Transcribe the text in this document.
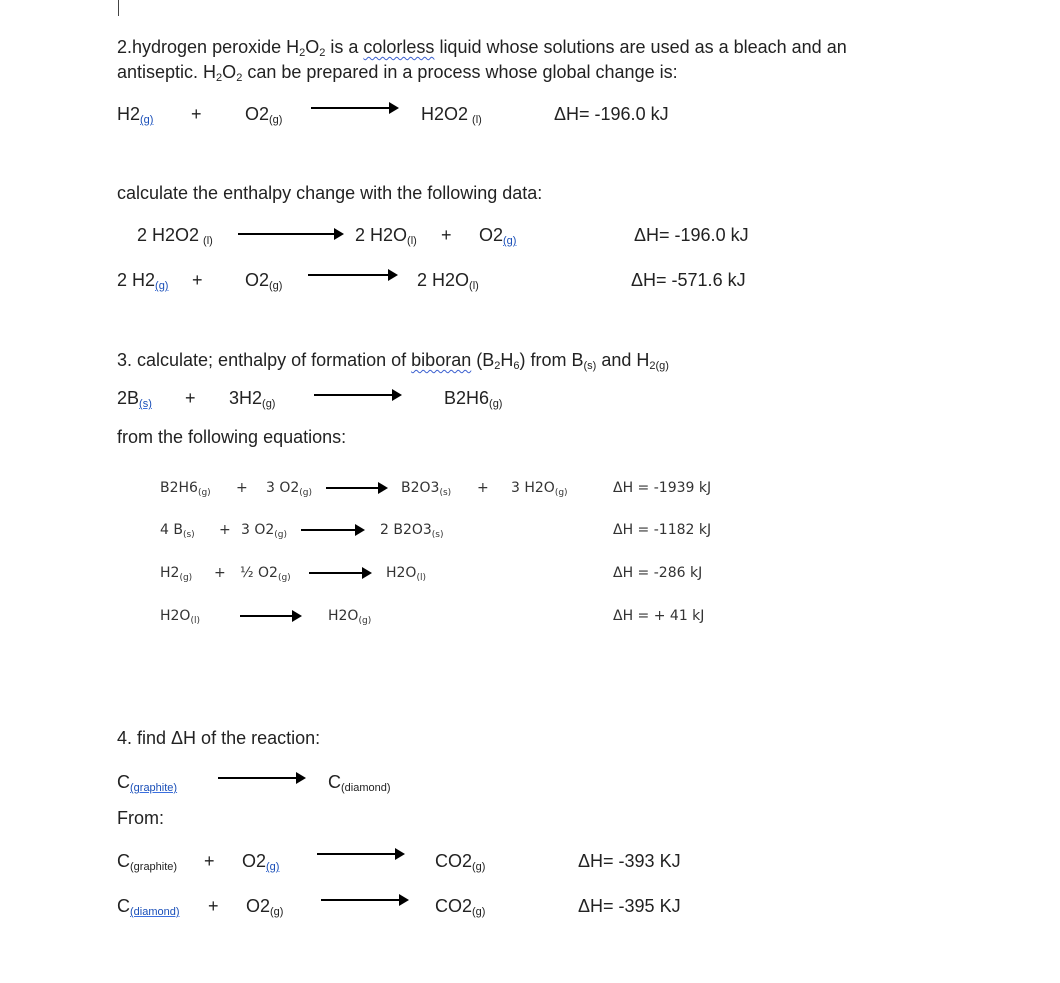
2.hydrogen peroxide H2O2 is a colorless liquid whose solutions are used as a bleach and an
antiseptic. H2O2 can be prepared in a process whose global change is:
H2(g) + O2(g)	H2O2 (l)	ΔH= -196.0 kJ
calculate the enthalpy change with the following data:
2 H2O2 (l)	2 H2O(l) + O2(g)	ΔH= -196.0 kJ
2 H2(g) + O2(g)	2 H2O(l)	ΔH= -571.6 kJ
3. calculate; enthalpy of formation of biboran (B2H6) from B(s) and H2(g)
2B(s) + 3H2(g)	B2H6(g)
from the following equations:
$B2H6_{(g)} + 3$ $O2_{(g)}$	$B2O3_{(s)} + 3$ $H2O_{(g)}$	ΔH = -1939 kJ
4 $B_{(s)} + 3$ $O2_{(g)}$	2 $B2O3_{(s)}$	ΔH = -1182 kJ
$H2_{(g)}$ + ½ $O2_{(g)}$	$H2O_{(l)}$	ΔH = -286 kJ
$H2O_{(l)}$	$H2O_{(g)}$	ΔH = + 41 kJ
4. find ΔH of the reaction:
C(graphite)	C(diamond)
From:
C(graphite) + O2(g)	CO2(g)	ΔH= -393 KJ
C(diamond) + O2(g)	CO2(g)	ΔH= -395 KJ
